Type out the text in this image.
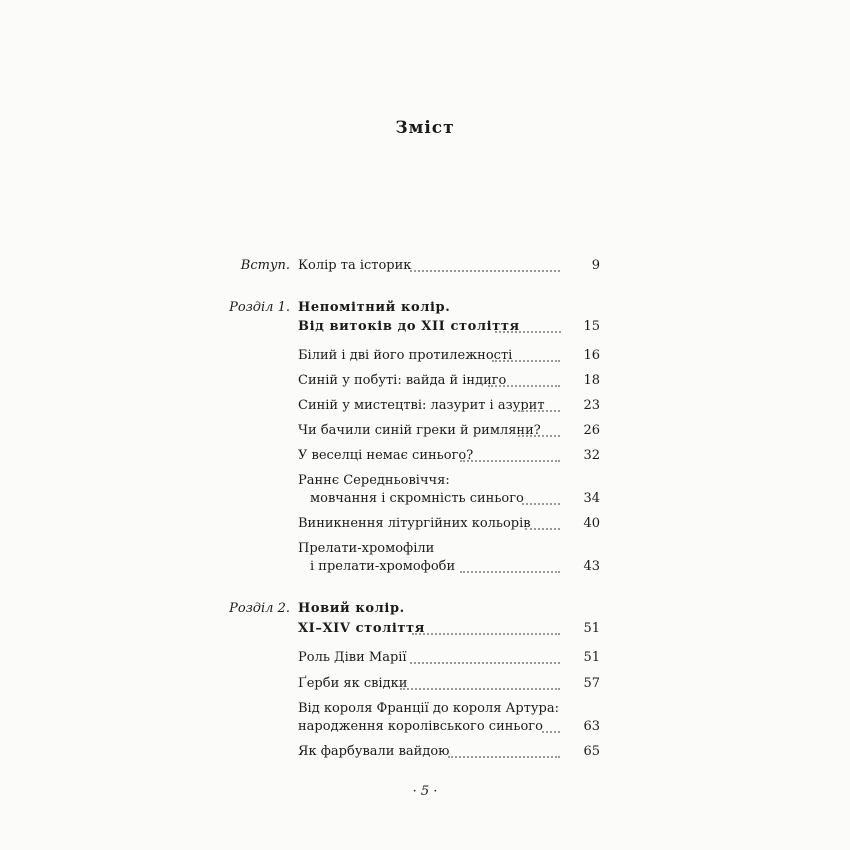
Зміст
Вступ. Колір та історик	9
Розділ 1. Непомітний колір.
Від витоків до XII століття	15
Білий і дві його протилежності	16
Синій у побуті: вайда й індиго	18
Синій у мистецтві: лазурит і азурит	23
Чи бачили синій греки й римляни?	26
У веселці немає синього?	32
Раннє Середньовіччя:
мовчання і скромність синього	34
Виникнення літургійних кольорів	40
Прелати-хромофіли
і прелати-хромофоби	43
Розділ 2. Новий колір.
XI–XIV століття	51
Роль Діви Марії	51
Ґерби як свідки	57
Від короля Франції до короля Артура:
народження королівського синього	63
Як фарбували вайдою	65
· 5 ·
